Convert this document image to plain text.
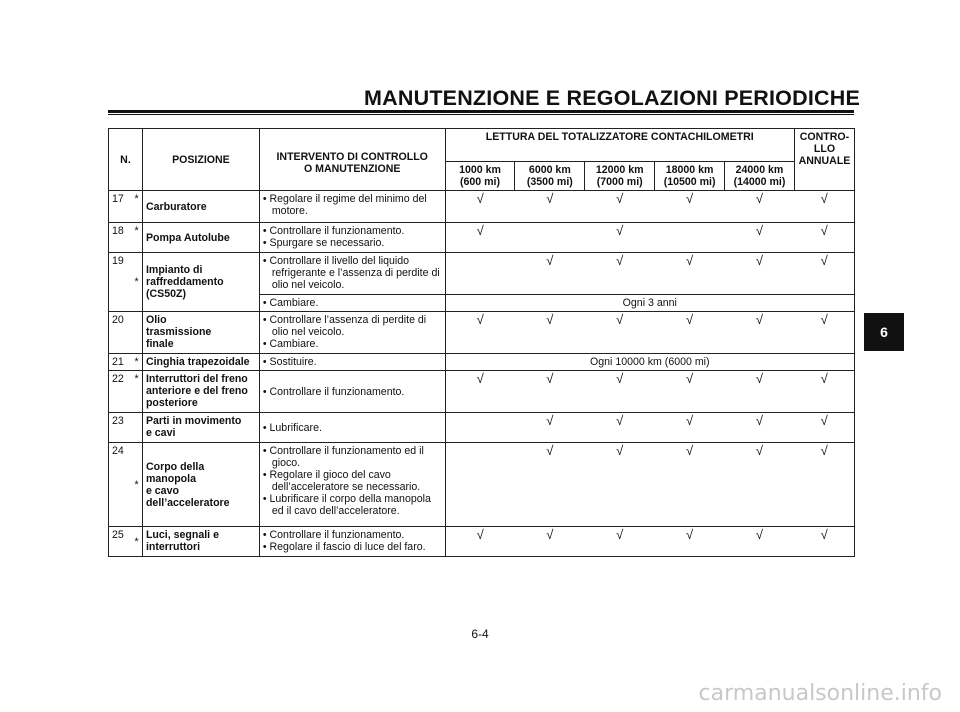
MANUTENZIONE E REGOLAZIONI PERIODICHE
N.		POSIZIONE	INTERVENTO DI CONTROLLO
O MANUTENZIONE	LETTURA DEL TOTALIZZATORE CONTACHILOMETRI					CONTRO-
LLO
ANNUALE
				1000 km
(600 mi)	6000 km
(3500 mi)	12000 km
(7000 mi)	18000 km
(10500 mi)	24000 km
(14000 mi)	
17	*	Carburatore	• Regolare il regime del minimo del motore.	√	√	√	√	√	√
18	*	Pompa Autolube	• Controllare il funzionamento.
• Spurgare se necessario.	√		√		√	√
19	*	Impianto di
raffreddamento
(CS50Z)	• Controllare il livello del liquido refrigerante e l’assenza di perdite di olio nel veicolo.		√	√	√	√	√

			• Cambiare.	Ogni 3 anni					
20		Olio
trasmissione
finale	• Controllare l’assenza di perdite di olio nel veicolo.
• Cambiare.	√	√	√	√	√	√
21	*	Cinghia trapezoidale	• Sostituire.	Ogni 10000 km (6000 mi)					
22	*	Interruttori del freno
anteriore e del freno
posteriore	• Controllare il funzionamento.	√	√	√	√	√	√
23		Parti in movimento
e cavi	• Lubrificare.		√	√	√	√	√
24	*	Corpo della
manopola
e cavo
dell’acceleratore	• Controllare il funzionamento ed il gioco.
• Regolare il gioco del cavo dell’acceleratore se necessario.
• Lubrificare il corpo della manopola ed il cavo dell’acceleratore.		√	√	√	√	√
25	*	Luci, segnali e
interruttori	• Controllare il funzionamento.
• Regolare il fascio di luce del faro.	√	√	√	√	√	√
6
6-4
carmanualsonline.info
